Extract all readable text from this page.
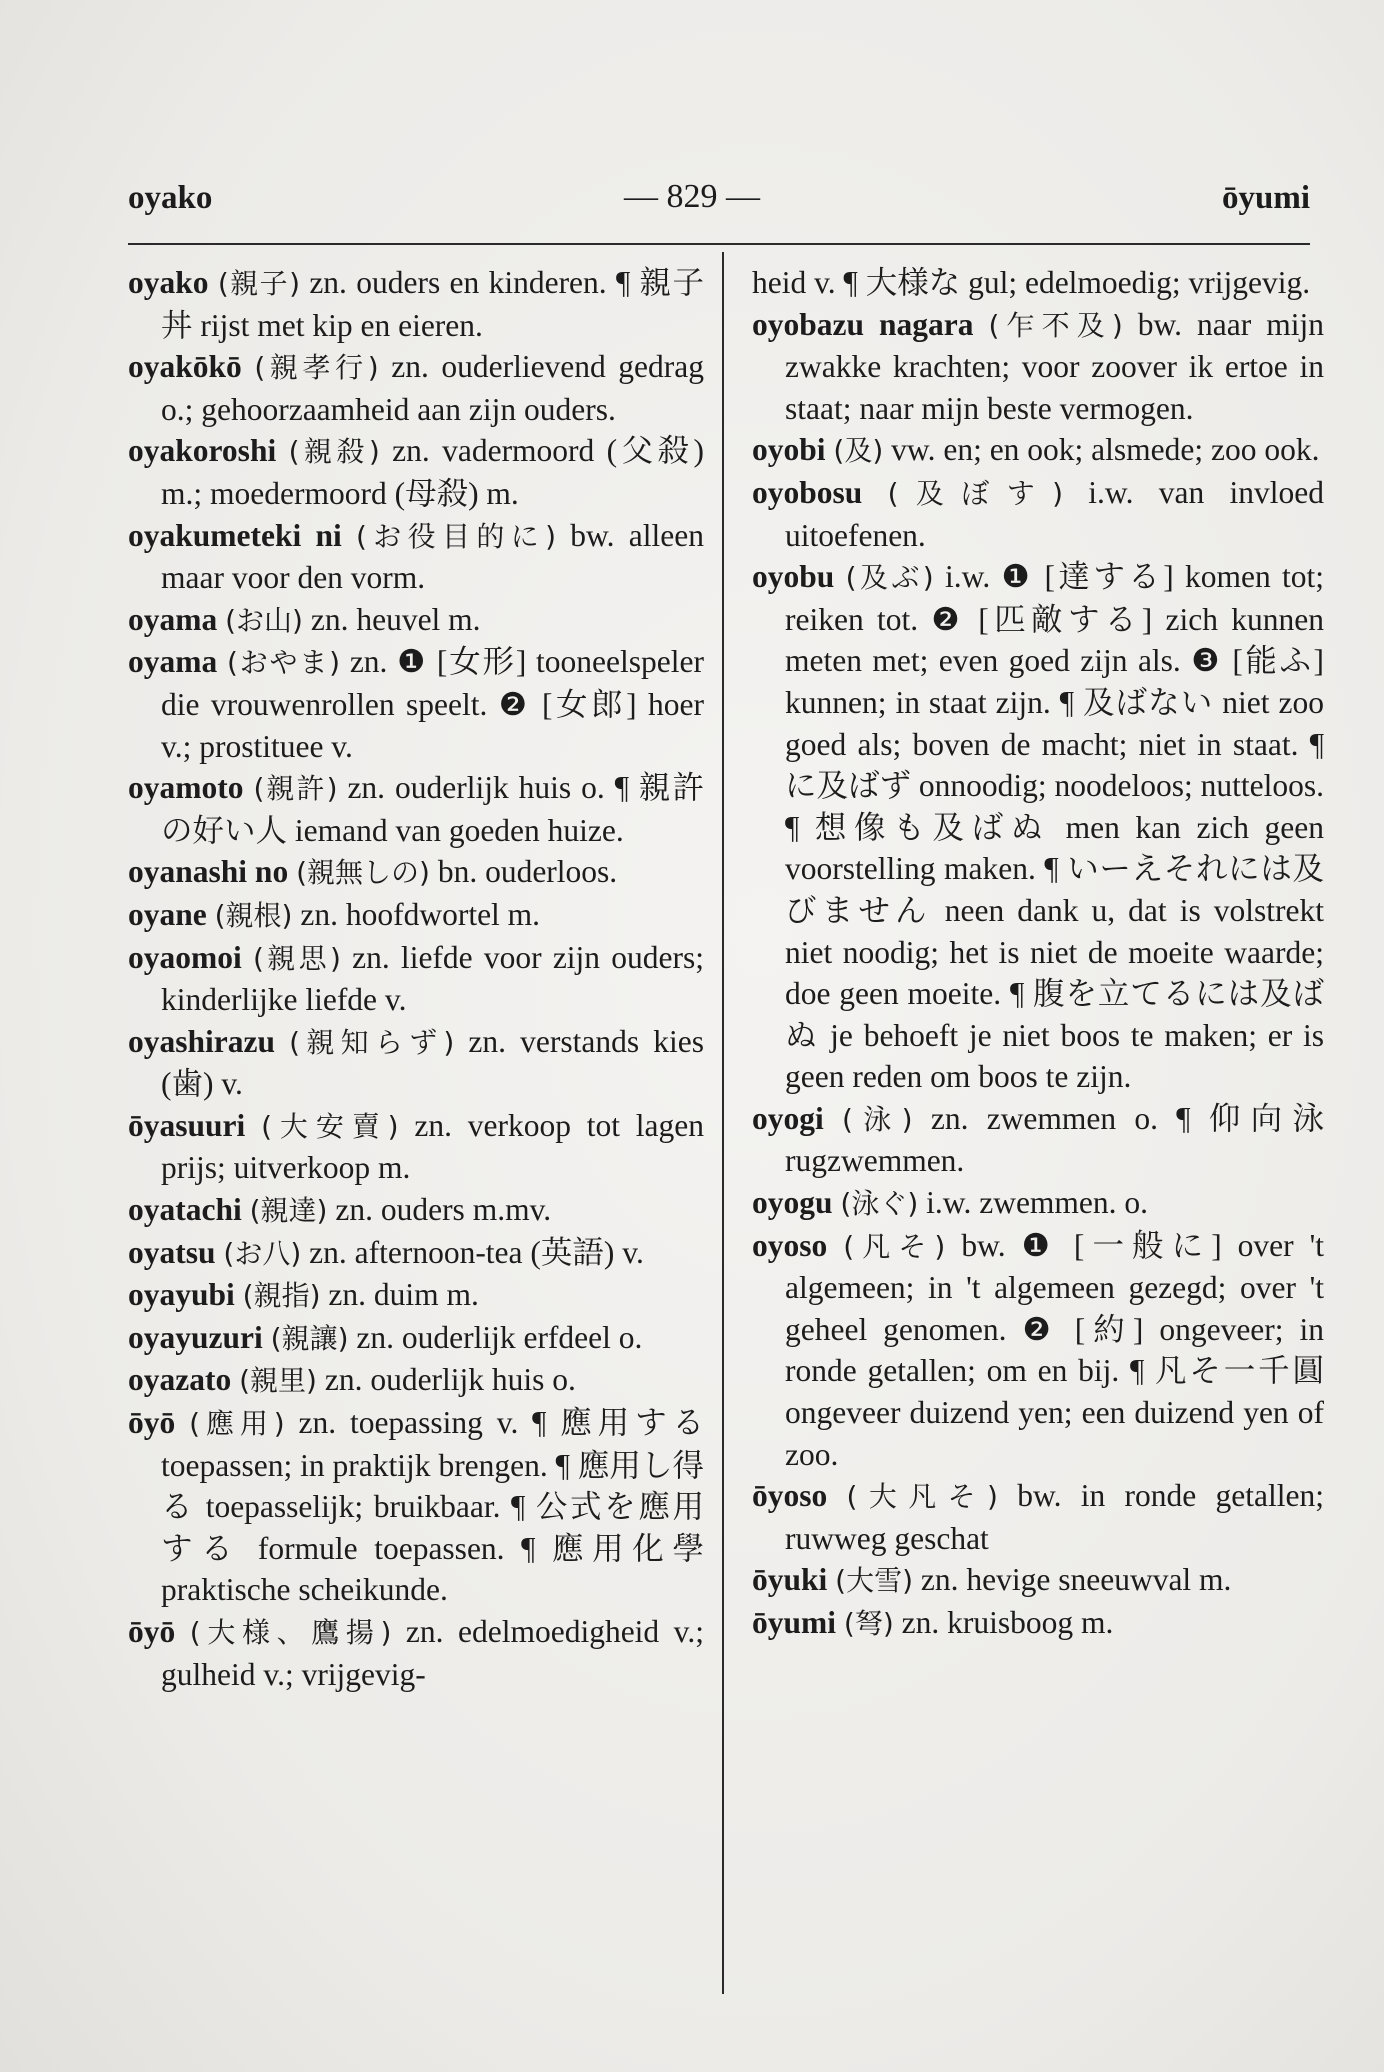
oyako	— 829 —	ōyumi

oyako (親子) zn. ouders en kinderen. ¶ 親子丼 rijst met kip en eieren.

oyakōkō (親孝行) zn. ouderlievend gedrag o.; gehoorzaamheid aan zijn ouders.

oyakoroshi (親殺) zn. vadermoord (父殺) m.; moedermoord (母殺) m.

oyakumeteki ni (お役目的に) bw. alleen maar voor den vorm.

oyama (お山) zn. heuvel m.

oyama (おやま) zn. ❶ [女形] tooneelspeler die vrouwenrollen speelt. ❷ [女郎] hoer v.; prostituee v.

oyamoto (親許) zn. ouderlijk huis o. ¶ 親許の好い人 iemand van goeden huize.

oyanashi no (親無しの) bn. ouderloos.

oyane (親根) zn. hoofdwortel m.

oyaomoi (親思) zn. liefde voor zijn ouders; kinderlijke liefde v.

oyashirazu (親知らず) zn. verstands kies (歯) v.

ōyasuuri (大安賣) zn. verkoop tot lagen prijs; uitverkoop m.

oyatachi (親達) zn. ouders m.mv.

oyatsu (お八) zn. afternoon-tea (英語) v.

oyayubi (親指) zn. duim m.

oyayuzuri (親讓) zn. ouderlijk erfdeel o.

oyazato (親里) zn. ouderlijk huis o.

ōyō (應用) zn. toepassing v. ¶ 應用する toepassen; in praktijk brengen. ¶ 應用し得る toepasselijk; bruikbaar. ¶ 公式を應用する formule toepassen. ¶ 應用化學 praktische scheikunde.

ōyō (大様、鷹揚) zn. edelmoedigheid v.; gulheid v.; vrijgevig-

heid v. ¶ 大様な gul; edelmoedig; vrijgevig.

oyobazu nagara (乍不及) bw. naar mijn zwakke krachten; voor zoover ik ertoe in staat; naar mijn beste vermogen.

oyobi (及) vw. en; en ook; alsmede; zoo ook.

oyobosu (及ぼす) i.w. van invloed uitoefenen.

oyobu (及ぶ) i.w. ❶ [達する] komen tot; reiken tot. ❷ [匹敵する] zich kunnen meten met; even goed zijn als. ❸ [能ふ] kunnen; in staat zijn. ¶ 及ばない niet zoo goed als; boven de macht; niet in staat. ¶ に及ばず onnoodig; noodeloos; nutteloos. ¶ 想像も及ばぬ men kan zich geen voorstelling maken. ¶ いーえそれには及びません neen dank u, dat is volstrekt niet noodig; het is niet de moeite waarde; doe geen moeite. ¶ 腹を立てるには及ばぬ je behoeft je niet boos te maken; er is geen reden om boos te zijn.

oyogi (泳) zn. zwemmen o. ¶ 仰向泳 rugzwemmen.

oyogu (泳ぐ) i.w. zwemmen. o.

oyoso (凡そ) bw. ❶ [一般に] over 't algemeen; in 't algemeen gezegd; over 't geheel genomen. ❷ [約] ongeveer; in ronde getallen; om en bij. ¶ 凡そ一千圓 ongeveer duizend yen; een duizend yen of zoo.

ōyoso (大凡そ) bw. in ronde getallen; ruwweg geschat

ōyuki (大雪) zn. hevige sneeuwval m.

ōyumi (弩) zn. kruisboog m.
